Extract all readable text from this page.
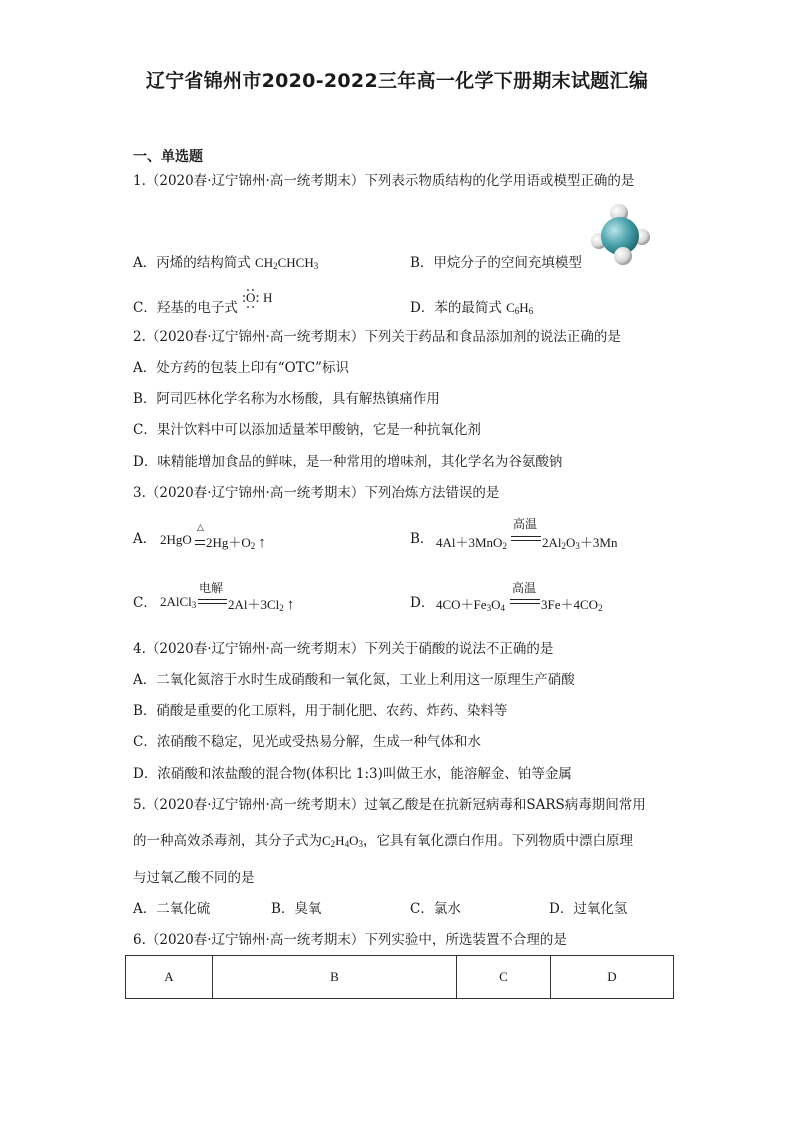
辽宁省锦州市2020-2022三年高一化学下册期末试题汇编
一、单选题
1.（2020春·辽宁锦州·高一统考期末）下列表示物质结构的化学用语或模型正确的是
A．丙烯的结构简式 $CH_2CHCH_3$	B．甲烷分子的空间充填模型
C．羟基的电子式
O H
D．苯的最简式 $C_6H_6$
2.（2020春·辽宁锦州·高一统考期末）下列关于药品和食品添加剂的说法正确的是
A．处方药的包装上印有“OTC”标识
B．阿司匹林化学名称为水杨酸，具有解热镇痛作用
C．果汁饮料中可以添加适量苯甲酸钠，它是一种抗氧化剂
D．味精能增加食品的鲜味，是一种常用的增味剂，其化学名为谷氨酸钠
3.（2020春·辽宁锦州·高一统考期末）下列冶炼方法错误的是
A． 2HgO
△
$2Hg+O_2$ ↑	B． 4Al＋3MnO$_2$
高温
$2Al_2O_3+3Mn$
C． 2AlCl$_3$
电解
$2Al+3Cl_2$ ↑	D． $4CO+Fe_3O_4$
高温
$3Fe+4CO_2$
4.（2020春·辽宁锦州·高一统考期末）下列关于硝酸的说法不正确的是
A．二氧化氮溶于水时生成硝酸和一氧化氮，工业上利用这一原理生产硝酸
B．硝酸是重要的化工原料，用于制化肥、农药、炸药、染料等
C．浓硝酸不稳定，见光或受热易分解，生成一种气体和水
D．浓硝酸和浓盐酸的混合物(体积比 1:3)叫做王水，能溶解金、铂等金属
5.（2020春·辽宁锦州·高一统考期末）过氧乙酸是在抗新冠病毒和SARS病毒期间常用
的一种高效杀毒剂，其分子式为$C_2H_4O_3$，它具有氧化漂白作用。下列物质中漂白原理
与过氧乙酸不同的是
A．二氧化硫	B．臭氧	C．氯水	D．过氧化氢
6.（2020春·辽宁锦州·高一统考期末）下列实验中，所选装置不合理的是
A	B	C	D
